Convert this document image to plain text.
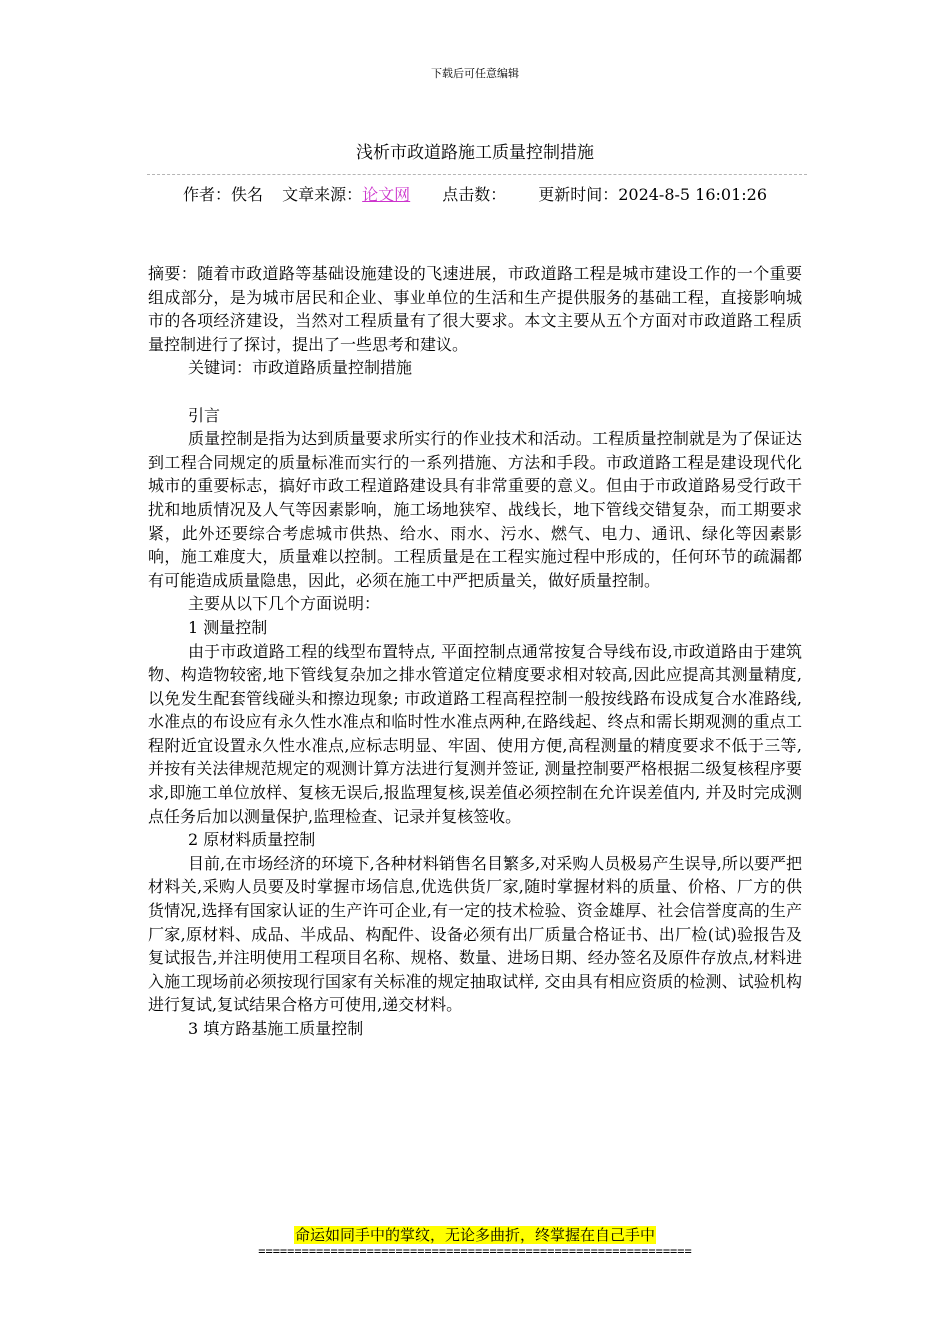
下载后可任意编辑
浅析市政道路施工质量控制措施
作者：佚名 文章来源：论文网 点击数： 更新时间：2024-8-5 16:01:26

摘要：随着市政道路等基础设施建设的飞速进展，市政道路工程是城市建设工作的一个重要组成部分，是为城市居民和企业、事业单位的生活和生产提供服务的基础工程，直接影响城市的各项经济建设，当然对工程质量有了很大要求。本文主要从五个方面对市政道路工程质量控制进行了探讨，提出了一些思考和建议。

关键词：市政道路质量控制措施

引言

质量控制是指为达到质量要求所实行的作业技术和活动。工程质量控制就是为了保证达到工程合同规定的质量标准而实行的一系列措施、方法和手段。市政道路工程是建设现代化城市的重要标志，搞好市政工程道路建设具有非常重要的意义。但由于市政道路易受行政干扰和地质情况及人气等因素影响，施工场地狭窄、战线长，地下管线交错复杂，而工期要求紧，此外还要综合考虑城市供热、给水、雨水、污水、燃气、电力、通讯、绿化等因素影响，施工难度大，质量难以控制。工程质量是在工程实施过程中形成的，任何环节的疏漏都有可能造成质量隐患，因此，必须在施工中严把质量关，做好质量控制。

主要从以下几个方面说明：

1 测量控制

由于市政道路工程的线型布置特点, 平面控制点通常按复合导线布设,市政道路由于建筑物、构造物较密,地下管线复杂加之排水管道定位精度要求相对较高,因此应提高其测量精度,以免发生配套管线碰头和擦边现象; 市政道路工程高程控制一般按线路布设成复合水准路线, 水准点的布设应有永久性水准点和临时性水准点两种,在路线起、终点和需长期观测的重点工程附近宜设置永久性水准点,应标志明显、牢固、使用方便,高程测量的精度要求不低于三等,并按有关法律规范规定的观测计算方法进行复测并签证, 测量控制要严格根据二级复核程序要求,即施工单位放样、复核无误后,报监理复核,误差值必须控制在允许误差值内, 并及时完成测点任务后加以测量保护,监理检查、记录并复核签收。

2 原材料质量控制

目前,在市场经济的环境下,各种材料销售名目繁多,对采购人员极易产生误导,所以要严把材料关,采购人员要及时掌握市场信息,优选供货厂家,随时掌握材料的质量、价格、厂方的供货情况,选择有国家认证的生产许可企业,有一定的技术检验、资金雄厚、社会信誉度高的生产厂家,原材料、成品、半成品、构配件、设备必须有出厂质量合格证书、出厂检(试)验报告及复试报告,并注明使用工程项目名称、规格、数量、进场日期、经办签名及原件存放点,材料进入施工现场前必须按现行国家有关标准的规定抽取试样, 交由具有相应资质的检测、试验机构进行复试,复试结果合格方可使用,递交材料。

3 填方路基施工质量控制

命运如同手中的掌纹，无论多曲折，终掌握在自己手中
============================================================
